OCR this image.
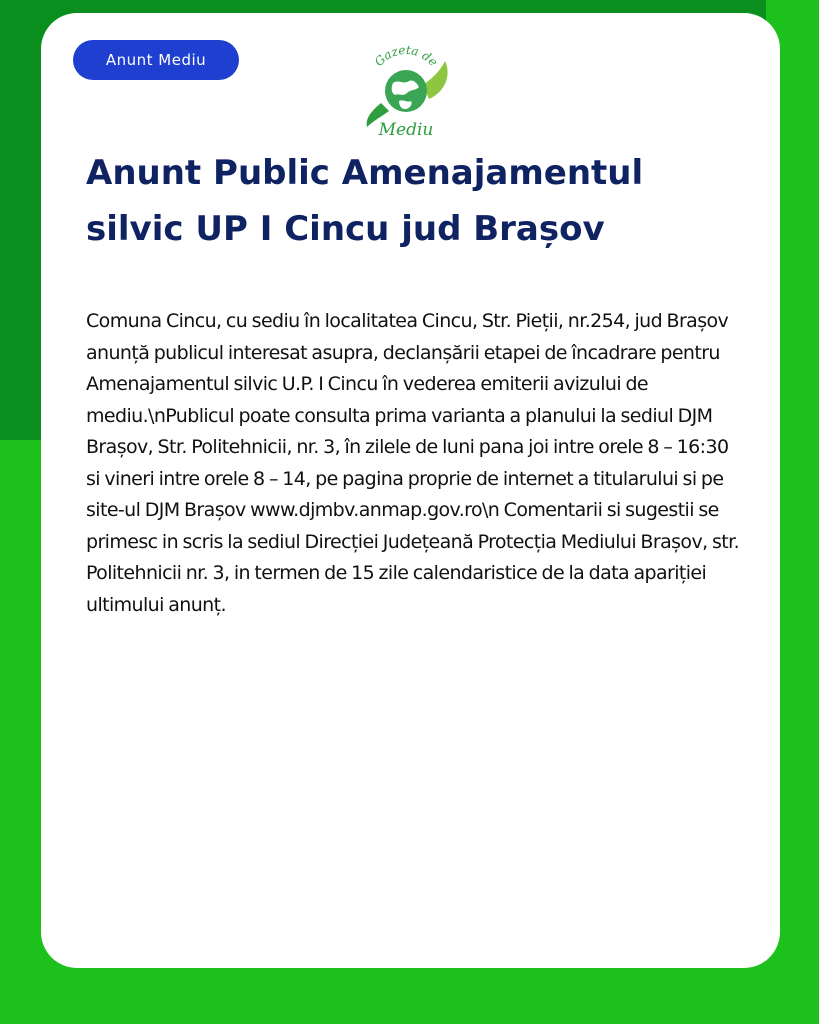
Anunt Mediu	Gazeta de
Mediu
Anunt Public Amenajamentul silvic UP I Cincu jud Brașov

Comuna Cincu, cu sediu în localitatea Cincu, Str. Pieții, nr.254, jud Brașov anunță publicul interesat asupra, declanșării etapei de încadrare pentru Amenajamentul silvic U.P. I Cincu în vederea emiterii avizului de mediu.\nPublicul poate consulta prima varianta a planului la sediul DJM Brașov, Str. Politehnicii, nr. 3, în zilele de luni pana joi intre orele 8 – 16:30 si vineri intre orele 8 – 14, pe pagina proprie de internet a titularului si pe site-ul DJM Brașov www.djmbv.anmap.gov.ro\n Comentarii si sugestii se primesc in scris la sediul Direcției Județeană Protecția Mediului Brașov, str. Politehnicii nr. 3, in termen de 15 zile calendaristice de la data apariției ultimului anunț.
